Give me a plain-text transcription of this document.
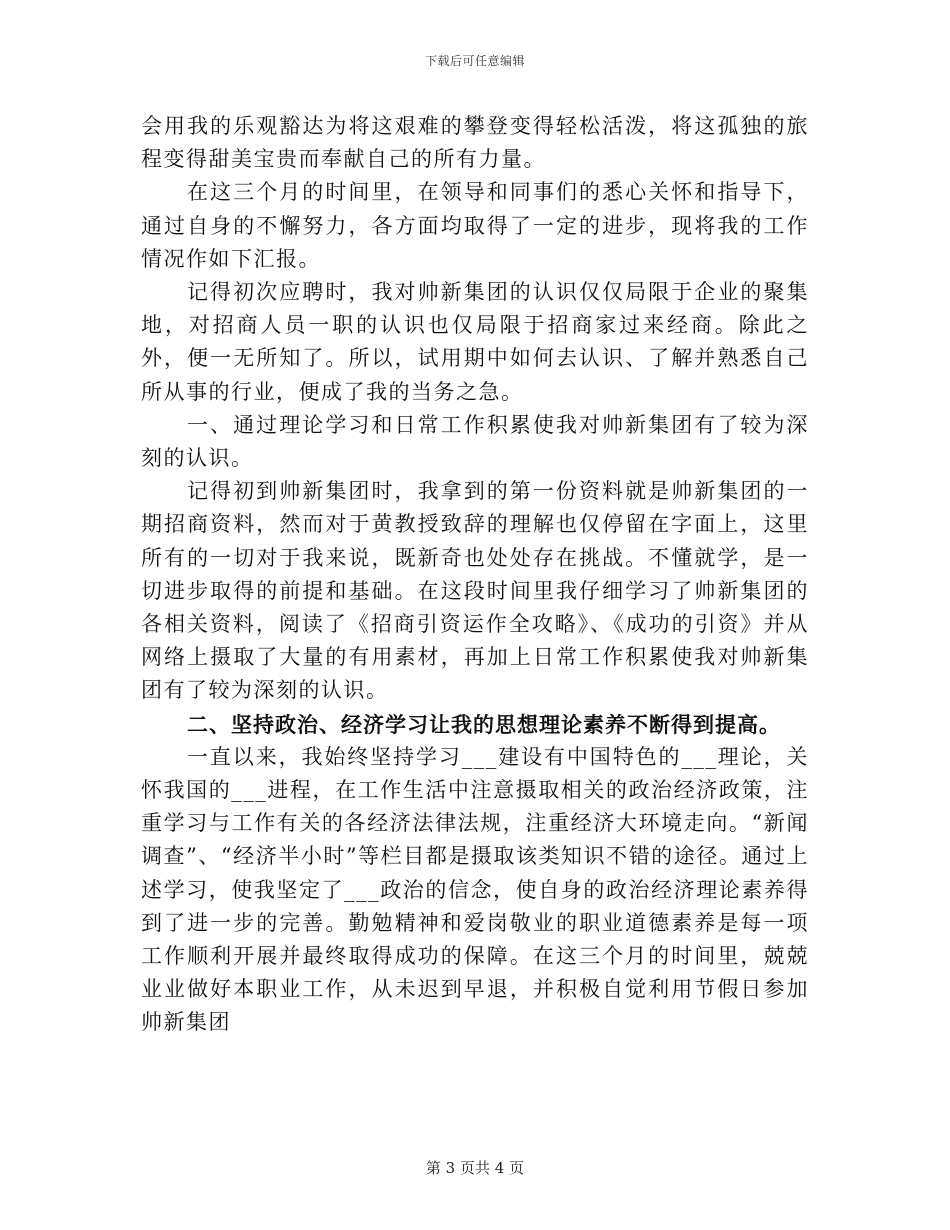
下载后可任意编辑

会用我的乐观豁达为将这艰难的攀登变得轻松活泼，将这孤独的旅程变得甜美宝贵而奉献自己的所有力量。

在这三个月的时间里，在领导和同事们的悉心关怀和指导下，通过自身的不懈努力，各方面均取得了一定的进步，现将我的工作情况作如下汇报。

记得初次应聘时，我对帅新集团的认识仅仅局限于企业的聚集地，对招商人员一职的认识也仅局限于招商家过来经商。除此之外，便一无所知了。所以，试用期中如何去认识、了解并熟悉自己所从事的行业，便成了我的当务之急。

一、通过理论学习和日常工作积累使我对帅新集团有了较为深刻的认识。

记得初到帅新集团时，我拿到的第一份资料就是帅新集团的一期招商资料，然而对于黄教授致辞的理解也仅停留在字面上，这里所有的一切对于我来说，既新奇也处处存在挑战。不懂就学，是一切进步取得的前提和基础。在这段时间里我仔细学习了帅新集团的各相关资料，阅读了《招商引资运作全攻略》、《成功的引资》并从网络上摄取了大量的有用素材，再加上日常工作积累使我对帅新集团有了较为深刻的认识。

二、坚持政治、经济学习让我的思想理论素养不断得到提高。

一直以来，我始终坚持学习___建设有中国特色的___理论，关怀我国的___进程，在工作生活中注意摄取相关的政治经济政策，注重学习与工作有关的各经济法律法规，注重经济大环境走向。“新闻调查”、“经济半小时”等栏目都是摄取该类知识不错的途径。通过上述学习，使我坚定了___政治的信念，使自身的政治经济理论素养得到了进一步的完善。勤勉精神和爱岗敬业的职业道德素养是每一项工作顺利开展并最终取得成功的保障。在这三个月的时间里，兢兢业业做好本职业工作，从未迟到早退，并积极自觉利用节假日参加帅新集团

第 3 页共 4 页
